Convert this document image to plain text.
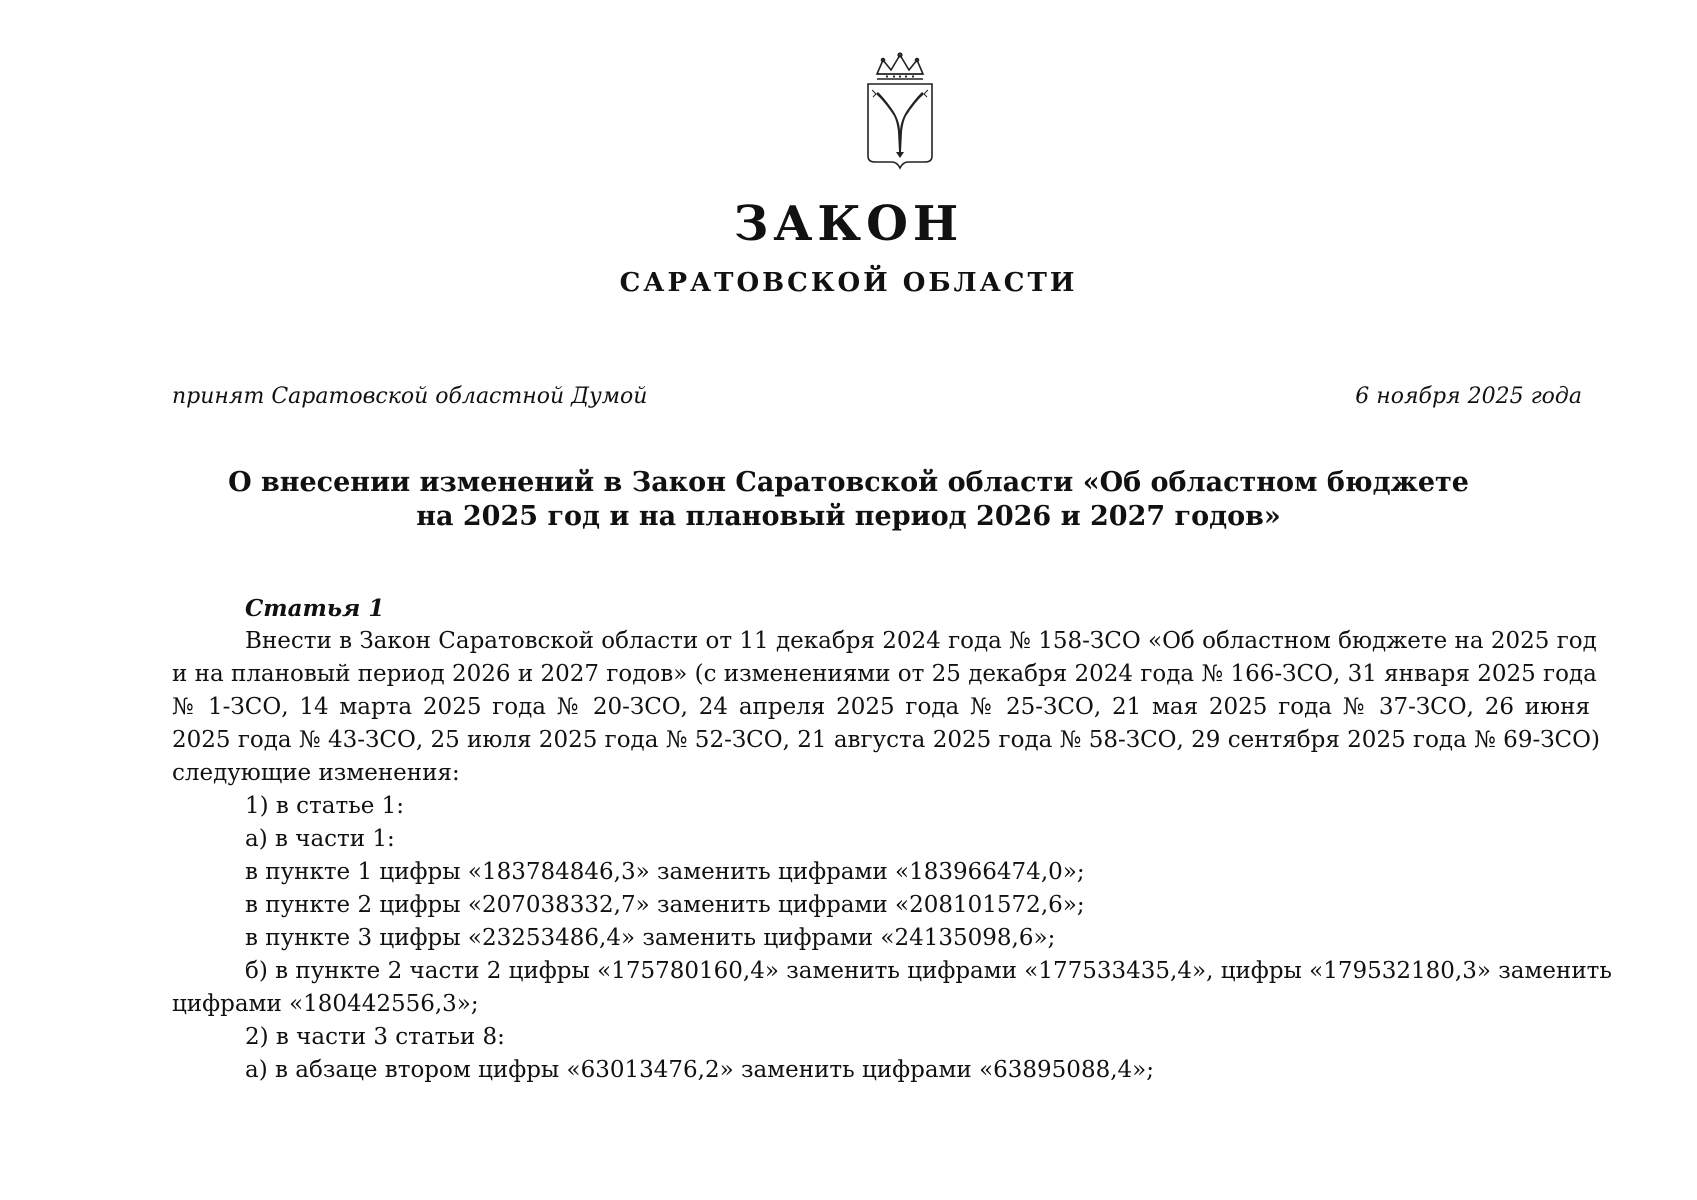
ЗАКОН
САРАТОВСКОЙ ОБЛАСТИ
принят Саратовской областной Думой	6 ноября 2025 года
О внесении изменений в Закон Саратовской области «Об областном бюджете
на 2025 год и на плановый период 2026 и 2027 годов»
Статья 1
Внести в Закон Саратовской области от 11 декабря 2024 года № 158-ЗСО «Об областном бюджете на 2025 год
и на плановый период 2026 и 2027 годов» (с изменениями от 25 декабря 2024 года № 166-ЗСО, 31 января 2025 года
№ 1-ЗСО, 14 марта 2025 года № 20-ЗСО, 24 апреля 2025 года № 25-ЗСО, 21 мая 2025 года № 37-ЗСО, 26 июня
2025 года № 43-ЗСО, 25 июля 2025 года № 52-ЗСО, 21 августа 2025 года № 58-ЗСО, 29 сентября 2025 года № 69-ЗСО)
следующие изменения:
1) в статье 1:
а) в части 1:
в пункте 1 цифры «183784846,3» заменить цифрами «183966474,0»;
в пункте 2 цифры «207038332,7» заменить цифрами «208101572,6»;
в пункте 3 цифры «23253486,4» заменить цифрами «24135098,6»;
б) в пункте 2 части 2 цифры «175780160,4» заменить цифрами «177533435,4», цифры «179532180,3» заменить
цифрами «180442556,3»;
2) в части 3 статьи 8:
а) в абзаце втором цифры «63013476,2» заменить цифрами «63895088,4»;
